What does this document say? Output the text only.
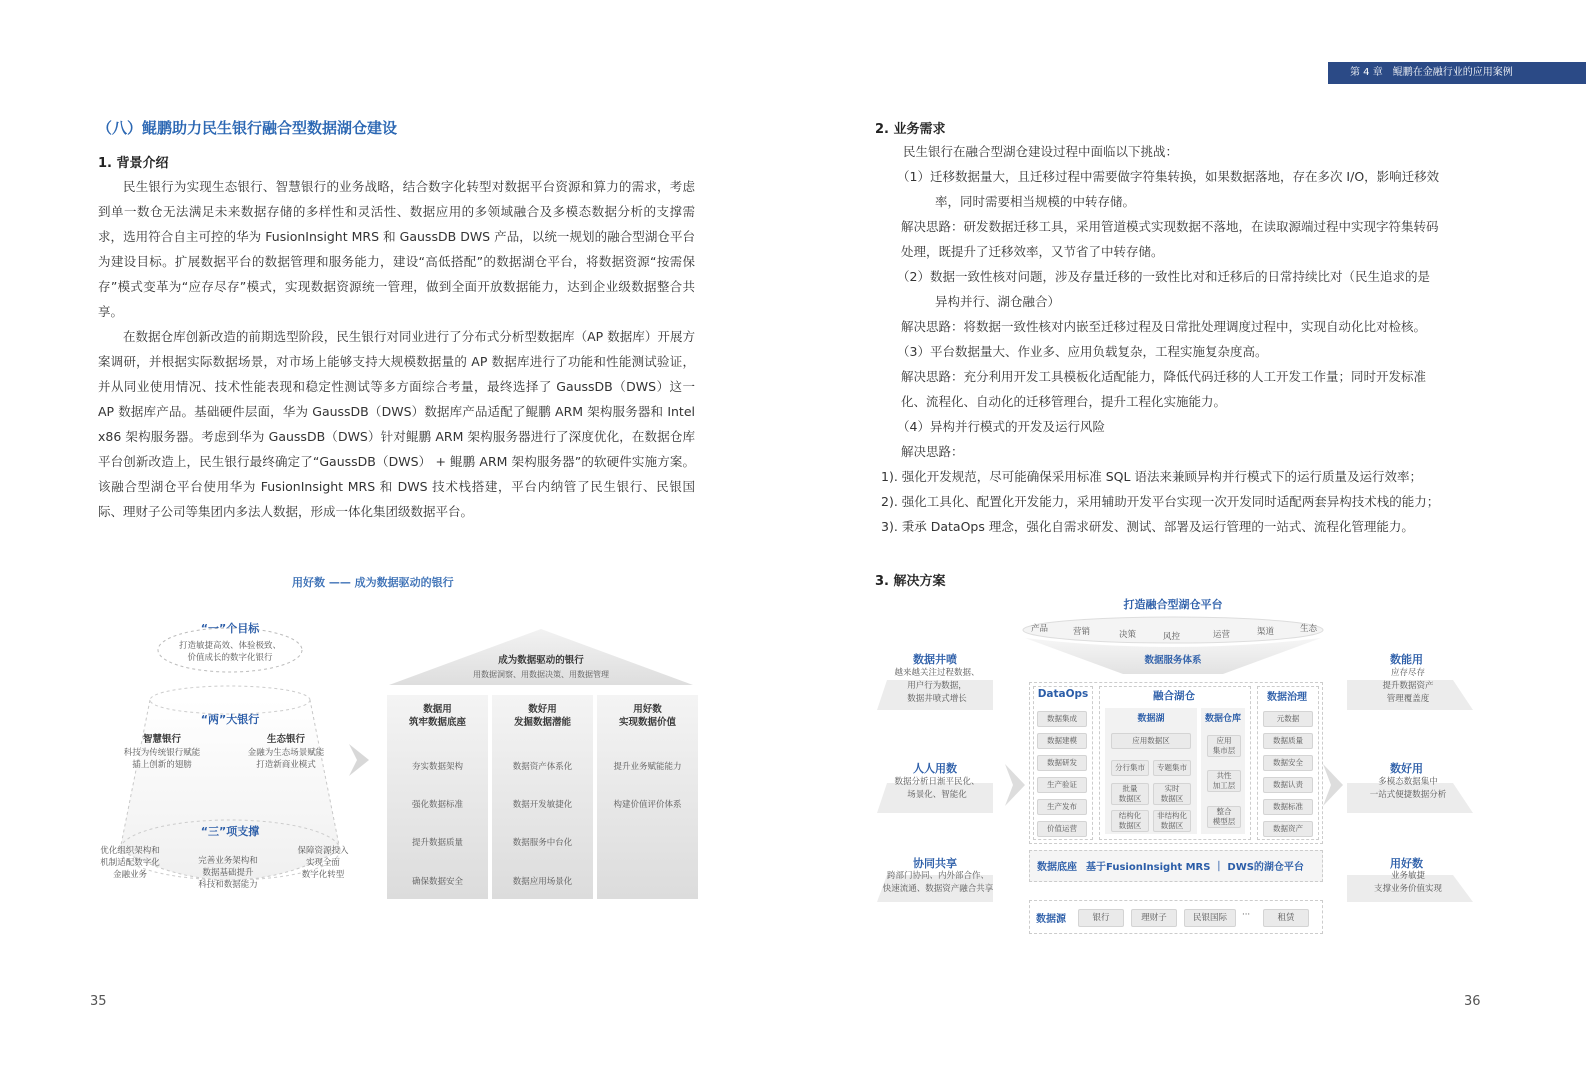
（八）鲲鹏助力民生银行融合型数据湖仓建设
1. 背景介绍

民生银行为实现生态银行、智慧银行的业务战略，结合数字化转型对数据平台资源和算力的需求，考虑到单一数仓无法满足未来数据存储的多样性和灵活性、数据应用的多领域融合及多模态数据分析的支撑需求，选用符合自主可控的华为 FusionInsight MRS 和 GaussDB DWS 产品，以统一规划的融合型湖仓平台为建设目标。扩展数据平台的数据管理和服务能力，建设“高低搭配”的数据湖仓平台，将数据资源“按需保存”模式变革为“应存尽存”模式，实现数据资源统一管理，做到全面开放数据能力，达到企业级数据整合共享。

在数据仓库创新改造的前期选型阶段，民生银行对同业进行了分布式分析型数据库（AP 数据库）开展方案调研，并根据实际数据场景，对市场上能够支持大规模数据量的 AP 数据库进行了功能和性能测试验证，并从同业使用情况、技术性能表现和稳定性测试等多方面综合考量，最终选择了 GaussDB（DWS）这一 AP 数据库产品。基础硬件层面，华为 GaussDB（DWS）数据库产品适配了鲲鹏 ARM 架构服务器和 Intel x86 架构服务器。考虑到华为 GaussDB（DWS）针对鲲鹏 ARM 架构服务器进行了深度优化，在数据仓库平台创新改造上，民生银行最终确定了“GaussDB（DWS） + 鲲鹏 ARM 架构服务器”的软硬件实施方案。该融合型湖仓平台使用华为 FusionInsight MRS 和 DWS 技术栈搭建，平台内纳管了民生银行、民银国际、理财子公司等集团内多法人数据，形成一体化集团级数据平台。

用好数 —— 成为数据驱动的银行
“一”个目标
打造敏捷高效、体验极致、
价值成长的数字化银行
“两”大银行
智慧银行
科技为传统银行赋能
插上创新的翅膀
生态银行
金融为生态场景赋能
打造新商业模式
“三”项支撑
优化组织架构和
机制适配数字化
金融业务
完善业务架构和
数据基础提升
科技和数据能力
保障资源投入
实现全面
数字化转型
成为数据驱动的银行
用数据洞察、用数据决策、用数据管理
数据用
筑牢数据底座
夯实数据架构
强化数据标准
提升数据质量
确保数据安全
数好用
发掘数据潜能
数据资产体系化
数据开发敏捷化
数据服务中台化
数据应用场景化
用好数
实现数据价值
提升业务赋能能力
构建价值评价体系
35
第 4 章　鲲鹏在金融行业的应用案例
2. 业务需求
民生银行在融合型湖仓建设过程中面临以下挑战：
（1）迁移数据量大，且迁移过程中需要做字符集转换，如果数据落地，存在多次 I/O，影响迁移效
率，同时需要相当规模的中转存储。
解决思路：研发数据迁移工具，采用管道模式实现数据不落地，在读取源端过程中实现字符集转码
处理，既提升了迁移效率，又节省了中转存储。
（2）数据一致性核对问题，涉及存量迁移的一致性比对和迁移后的日常持续比对（民生追求的是
异构并行、湖仓融合）
解决思路：将数据一致性核对内嵌至迁移过程及日常批处理调度过程中，实现自动化比对检核。
（3）平台数据量大、作业多、应用负载复杂，工程实施复杂度高。
解决思路：充分利用开发工具模板化适配能力，降低代码迁移的人工开发工作量；同时开发标准
化、流程化、自动化的迁移管理台，提升工程化实施能力。
（4）异构并行模式的开发及运行风险
解决思路：
1). 强化开发规范，尽可能确保采用标准 SQL 语法来兼顾异构并行模式下的运行质量及运行效率；
2). 强化工具化、配置化开发能力，采用辅助开发平台实现一次开发同时适配两套异构技术栈的能力；
3). 秉承 DataOps 理念，强化自需求研发、测试、部署及运行管理的一站式、流程化管理能力。
3. 解决方案
打造融合型湖仓平台
产品	营销	决策	风控	运营	渠道	生态
数据服务体系
数据井喷
越来越关注过程数据、
用户行为数据，
数据井喷式增长
人人用数
数据分析日渐平民化、
场景化、智能化
协同共享
跨部门协同、内外部合作、
快速流通、数据资产融合共享
数能用
应存尽存
提升数据资产
管理覆盖度
数好用
多模态数据集中
一站式便捷数据分析
用好数
业务敏捷
支撑业务价值实现
DataOps
数据集成
数据建模
数据研发
生产验证
生产发布
价值运营
融合湖仓
数据湖
应用数据区
分行集市	专题集市
批量
数据区
实时
数据区
结构化
数据区
非结构化
数据区
数据仓库
应用
集市层
共性
加工层
整合
模型层
数据治理
元数据
数据质量
数据安全
数据认责
数据标准
数据资产
数据底座 基于FusionInsight MRS ｜ DWS的湖仓平台
数据源	银行	理财子	民银国际	···	租赁
36
